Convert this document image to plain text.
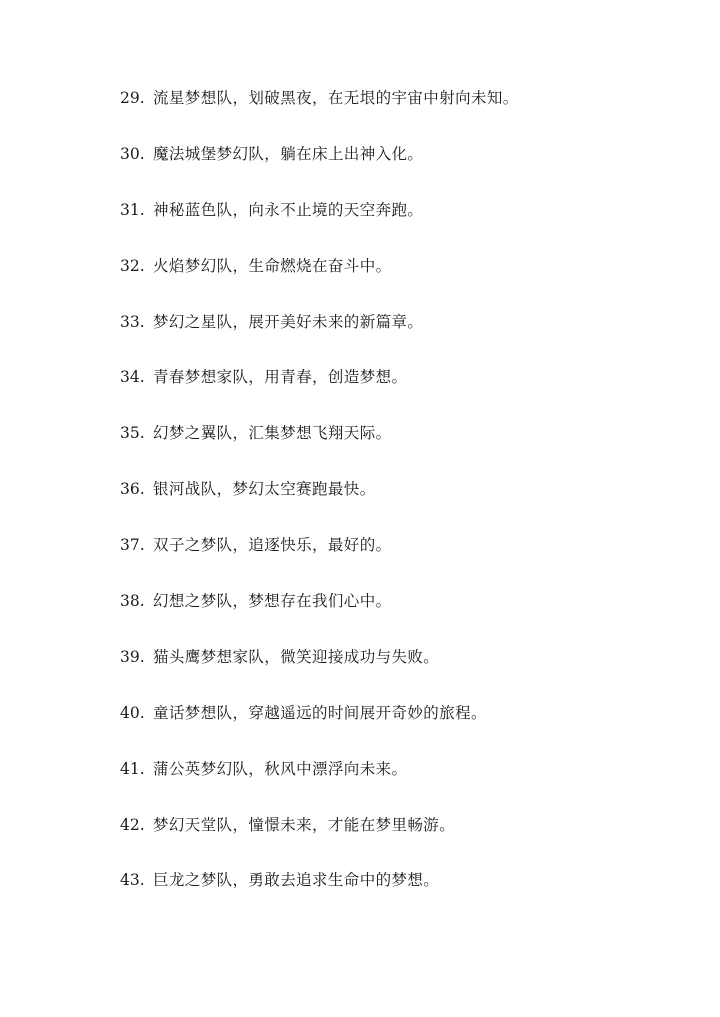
29. 流星梦想队，划破黑夜，在无垠的宇宙中射向未知。
30. 魔法城堡梦幻队，躺在床上出神入化。
31. 神秘蓝色队，向永不止境的天空奔跑。
32. 火焰梦幻队，生命燃烧在奋斗中。
33. 梦幻之星队，展开美好未来的新篇章。
34. 青春梦想家队，用青春，创造梦想。
35. 幻梦之翼队，汇集梦想飞翔天际。
36. 银河战队，梦幻太空赛跑最快。
37. 双子之梦队，追逐快乐，最好的。
38. 幻想之梦队，梦想存在我们心中。
39. 猫头鹰梦想家队，微笑迎接成功与失败。
40. 童话梦想队，穿越遥远的时间展开奇妙的旅程。
41. 蒲公英梦幻队，秋风中漂浮向未来。
42. 梦幻天堂队，憧憬未来，才能在梦里畅游。
43. 巨龙之梦队，勇敢去追求生命中的梦想。
